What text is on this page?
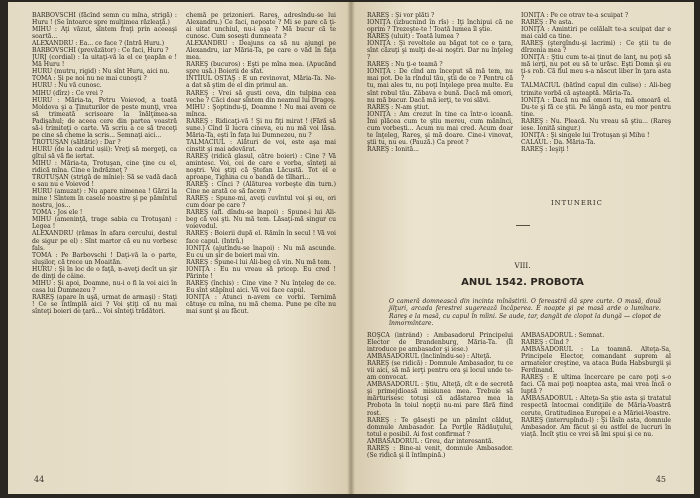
BARBOVSCHI (fãcînd semn cu mîna, strigã) : Huru ! (Se întoarce spre mulţimea rãzleaţã.)
MIHU : Aţi vãzut, sîntem fraţi prin aceeaşi soartã...
ALEXANDRU : Ea... ce face ? (Intrã Huru.)
BARBOVSCHI (prevãzãtor) : Ce faci, Huru ?
JURJ (cordial) : Ia uitaţi-vã la el ce ţeapãn e ! Mã Huru !
HURU (mutru, rigid) : Nu sînt Huru, aici nu.
TOMA : Şi pe noi nu ne mai cunoşti ?
HURU : Nu vã cunosc.
MIHU (dîrz) : Ce vrei ?
HURU : Mãria-ta, Petru Voievod, a toatã Moldova şi a Ţinuturilor de peste munţi, vrea sã trimeatã scrisoare la înãlţimea-sa Padişahul; de aceea cere din partea voastrã sã-i trimiteţi o carte. Vã scriu a ce sã treceţi pe cine sã cheme la scris... Semnaţi aici...
TROTUŞAN (sãltãtic) : Dar ?
HURU (de la cadrul ușii): Vreţi sã mergeţi, ca gîtul sã vã fie iertat.
MIHU : Mãria-ta, Trotuşan, cine ţine cu el, ridicã mîna. Cine e îndrãzneţ ?
TROTUŞAN (strigã de mînie): Sã se vadã dacã e sau nu e Voievod !
HURU (amuzat) : Nu apare nimenea ! Gãrzi la mine ! Sîntem în casele noastre şi pe pãmîntul nostru, jos...
TOMA : Jos ele !
MIHU (ameninţã, trage sabia cu Trotuşan) : Legea !
ALEXANDRU (rãmas în afara cercului, destul de sigur pe el) : Sînt martor cã eu nu vorbesc fals.
TOMA : Pe Barbovschi ! Daţi-vã la o parte, sluşilor, cã trece un Moaitãn.
HURU : Şi în loc de o faţã, n-aveţi decît un şir de dinţi de câine.
MIHU : Şi apoi, Doamne, nu-i o fi la voi aici în casa lui Dumnezeu ?
RAREŞ (apare în uşã, urmat de armaşi) : Staţi ! Ce se întîmplã aici ? Voi ştiţi cã nu mai sînteţi boieri de ţarã... Voi sînteţi trãdãtori.
chemã pe prizonieri. Rareş, adresîndu-se lui Alexandru.) Ce faci, nepoate ? Mi se pare cã ţi-ai uitat unchiul, nu-i aşa ? Mã bucur cã te cunosc. Cum soseşti dumneata ?
ALEXANDRU : Deajuns ca sã nu ajungi pe Alexandru, iar Mãria-Ta, pe care o vãd în faţa mea.
RAREŞ (bucuros) : Eşti pe mîna mea. (Apucãnd spre ușã.) Boierii de sfat.
INTÎIUL OSTAŞ : E un revinovat, Mãria-Ta. Ne-a dat sã ştim de el din primul an.
RAREŞ : Vrei sã gusti ceva, din tulpina cea veche ? Cãci doar sîntem din neamul lui Dragoş.
MIHU : Şoptindu-ţi, Doamne ! Nu mai avem ce mînca.
RAREŞ : Ridicaţi-vã ! Şi nu fiţi mirat ! (Fãrã sã sune.) Cînd îl lucra cineva, eu nu mã voi lãsa. Mãria-Ta, eşti în faţa lui Dumnezeu, nu ?
TALMACIUL : Alãturi de voi, este aşa mai cinstit şi mai adevãrat.
RAREŞ (ridicã glasul, cãtre boieri) : Cine ? Vã amintesc. Voi, cei de care e vorba, sînteţi ai noştri. Voi ştiţi cã Ştefan Lãcustã. Tot el e aproape, Tighina cu o bandã de tîlhari...
RAREŞ : Cinci ? (Alãturea vorbeşte din turn.) Cine ne aratã ce sã facem ?
RAREŞ : Spune-mi, aveţi cuvîntul voi şi eu, ori cum doar pe care ?
RAREŞ (afl. dîndu-se înapoi) : Spune-i lui Ali-beg cã voi şti. Nu mã tem. Lãsaţi-mã singur cu voievodul.
RAREŞ : Boierii dupã el. Rãmîn în secul ! Vã voi face capul. (Intrã.)
IONIŢA (ajutîndu-se înapoi) : Nu mã ascunde. Eu cu un şir de boieri mai vin.
RAREŞ : Spune-i lui Ali-beg cã vin. Nu mã tem.
IONIŢA : Eu nu vreau sã pricep. Eu cred ! Pãrinte !
RAREŞ (închis) : Cine vine ? Nu înţeleg de ce. Eu sînt stãpînul aici. Vã voi face capul.
IONIŢA : Atunci n-avem ce vorbi. Ternimã cãtuşe cu mîna, nu mã chema. Pune pe cîte nu mai sunt şi au fãcut.
44
RAREŞ : Şi vor plãti ?
IONIŢA (izbucnind în rîs) : Iţi închipui cã ne oprim ? Trezeşte-te ! Toatã lumea îl ştie.
RAREŞ (uluit) : Toatã lumea ?
IONIŢA : Şi revoltele au bãgat tot ce e ţara, sînt cãzuţi şi mulţi de-ai noştri. Dar nu înţeleg ?
RAREŞ : Nu ţi-e teamã ?
IONIŢA : De cînd am început sã mã tem, nu mai pot. De la rîndul tãu, ştii de ce ? Pentru cã tu, mai ales tu, nu poţi înţelege prea multe. Eu sînt robul tãu. Zãbava e bunã. Dacã mã omori, nu mã bucur. Dacã mã ierţi, te voi slãvi.
RAREŞ : N-am ştiut.
IONIŢA : Am crezut în tine ca într-o icoanã. Îmi plãcea cum te ştiu mereu, cum mãnînci, cum vorbeşti... Acum nu mai cred. Acum doar te înţeleg, Rareş, şi mã doare. Cine-i vinovat, ştii tu, nu eu. (Pauzã.) Ca preot ?
RAREŞ : Ionitã...
IONIŢA : Pe ce otrav te-a scuipat ?
RAREŞ : Pe asta.
IONIŢA : Amintiri pe celãlalt te-a scuipat dar e mai cald ca tine.
RAREŞ (ştergîndu-şi lacrimi) : Ce ştii tu de dîrzenia mea ?
IONIŢA : Ştiu cum te-ai ţinut de lanţ, nu poţi sã mã ierţi, nu pot eu sã te urãsc. Eşti Domn şi eu ţi-s rob. Cã fiul meu s-a nãscut liber în ţara asta ?
TALMACIUL (bãtînd capul din culise) : Ali-beg trimite vorbã cã aşteaptã. Mãria-Ta.
IONIŢA : Dacã nu mã omori tu, mã omoarã el. Du-te şi fã ce ştii. Pe lângã asta, eu mor pentru tine.
RAREŞ : Nu. Pleacã. Nu vreau sã ştiu... (Rareş iese. Ionitã singur.)
IONIŢA : Şi singele lui Trotuşan şi Mihu !
CALAUL : Da. Mãria-Ta.
RAREŞ : Ieşiţi !
INTUNERIC
VIII.
ANUL 1542. PROBOTA
O cameră domnească din incinta mînăstirii. O fereastră dă spre curte. O masă, două jilţuri, arcada ferestrei sugerează încăperea. E noapte şi pe masă arde o lumînare. Rareş e la masă, cu capul în mîini. Se aude, tar, dangăt de clopot la dungă — clopot de înmormîntare.
ROŞCA (intrând) : Ambasadorul Principelui Elector de Brandenburg, Mãria-Ta. (Îl introduce pe ambasador şi iese.)
AMBASADORUL (înclinîndu-se) : Alteţã.
RAREŞ (se ridicã) : Domnule Ambasador, tu ce vii aici, sã mã ierţi pentru ora şi locul unde te-am convocat.
AMBASADORUL : Ştiu, Alteţã, cît e de secretã şi primejdioasã misiunea mea. Trebuie sã mãrturisesc totuşi cã adãstarea mea la Probota în toiul nopţii nu-mi pare fãrã fiind rost.
RAREŞ : Te gãseşti pe un pãmînt cãlduţ, domnule Ambasador. La Porţile Rãdãuţului, totul e posibil. Ai fost confirmat ?
AMBASADORUL : Greu, dar interesantã.
RAREŞ : Bine-ai venit, domnule Ambasador. (Se ridicã şi îl întîmpinã.)
AMBASADORUL : Semnat.
RAREŞ : Cînd ?
AMBASADORUL : La toamnã. Alteţa-Sa, Principele Elector, comandant suprem al armatelor creştine, va ataca Buda Habsburgii şi Ferdinand.
RAREŞ : E ultima încercare pe care poţi s-o faci. Cã mai poţi noaptea asta, mai vrea încã o luptã ?
AMBASADORUL : Alteţa-Sa ştie asta şi tratatul respectã întocmai condiţiile de Mãria-Voastrã cerute, Gratitudinea Europei e a Mãriei-Voastre.
RAREŞ (interrupîndu-l) : Şi lãsîn asta, domnule Ambasador. Am fãcut şi eu astfel de lucruri în viaţã. Încît ştiu ce vrei sã îmi spui şi ce nu.
45
